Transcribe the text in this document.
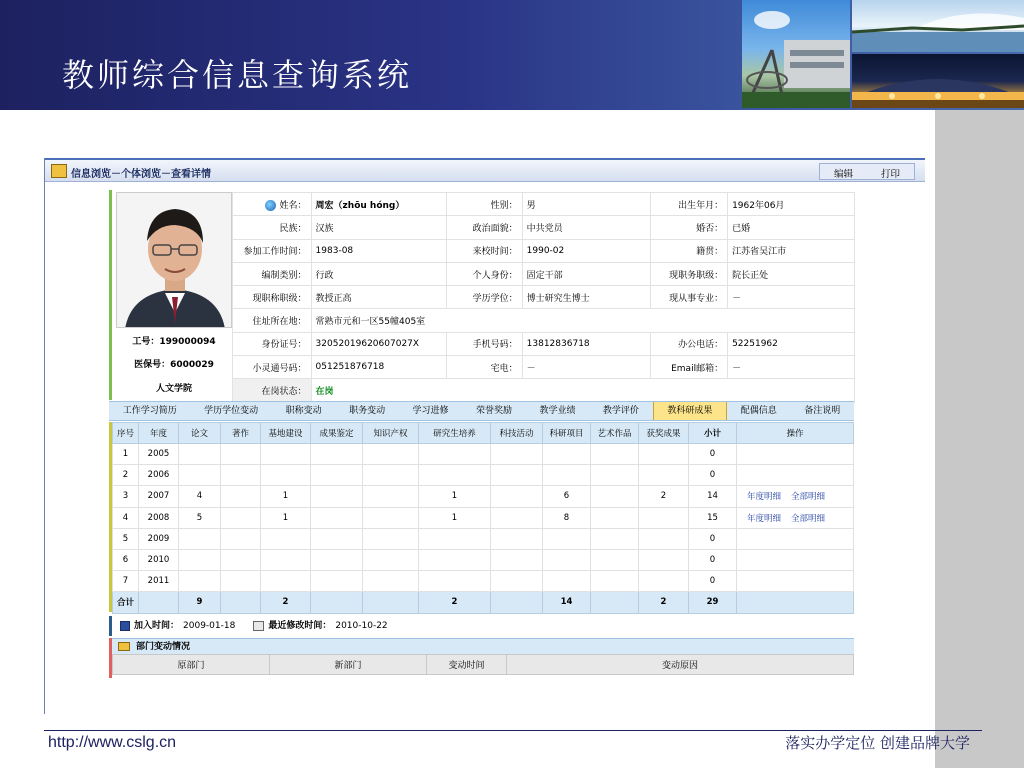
教师综合信息查询系统
信息浏览－个体浏览－查看详情	编辑	打印
姓名：	周宏（zhōu hóng）	性别：	男	出生年月：	1962年06月
民族：	汉族	政治面貌：	中共党员	婚否：	已婚
参加工作时间：	1983-08	来校时间：	1990-02	籍贯：	江苏省吴江市
编制类别：	行政	个人身份：	固定干部	现职务职级：	院长正处
现职称职级：	教授正高	学历学位：	博士研究生博士	现从事专业：	－
住址所在地：	常熟市元和一区55幢405室				
身份证号：	32052019620607027X	手机号码：	13812836718	办公电话：	52251962
小灵通号码：	051251876718	宅电：	－	Email邮箱：	－
在岗状态：	在岗				
工号：199000094
医保号：6000029
人文学院
工作学习简历	学历学位变动	职称变动	职务变动	学习进修	荣誉奖励	教学业绩	教学评价	教科研成果	配偶信息	备注说明
序号	年度	论文	著作	基地建设	成果鉴定	知识产权	研究生培养	科技活动	科研项目	艺术作品	获奖成果	小计	操作
1	2005											0	
2	2006											0	
3	2007	4		1			1		6		2	14	年度明细 全部明细
4	2008	5		1			1		8			15	年度明细 全部明细
5	2009											0	
6	2010											0	
7	2011											0	
合计		9		2			2		14		2	29	
加入时间： 2009-01-18	最近修改时间： 2010-10-22
部门变动情况
原部门	新部门	变动时间	变动原因
http://www.cslg.cn	落实办学定位 创建品牌大学
